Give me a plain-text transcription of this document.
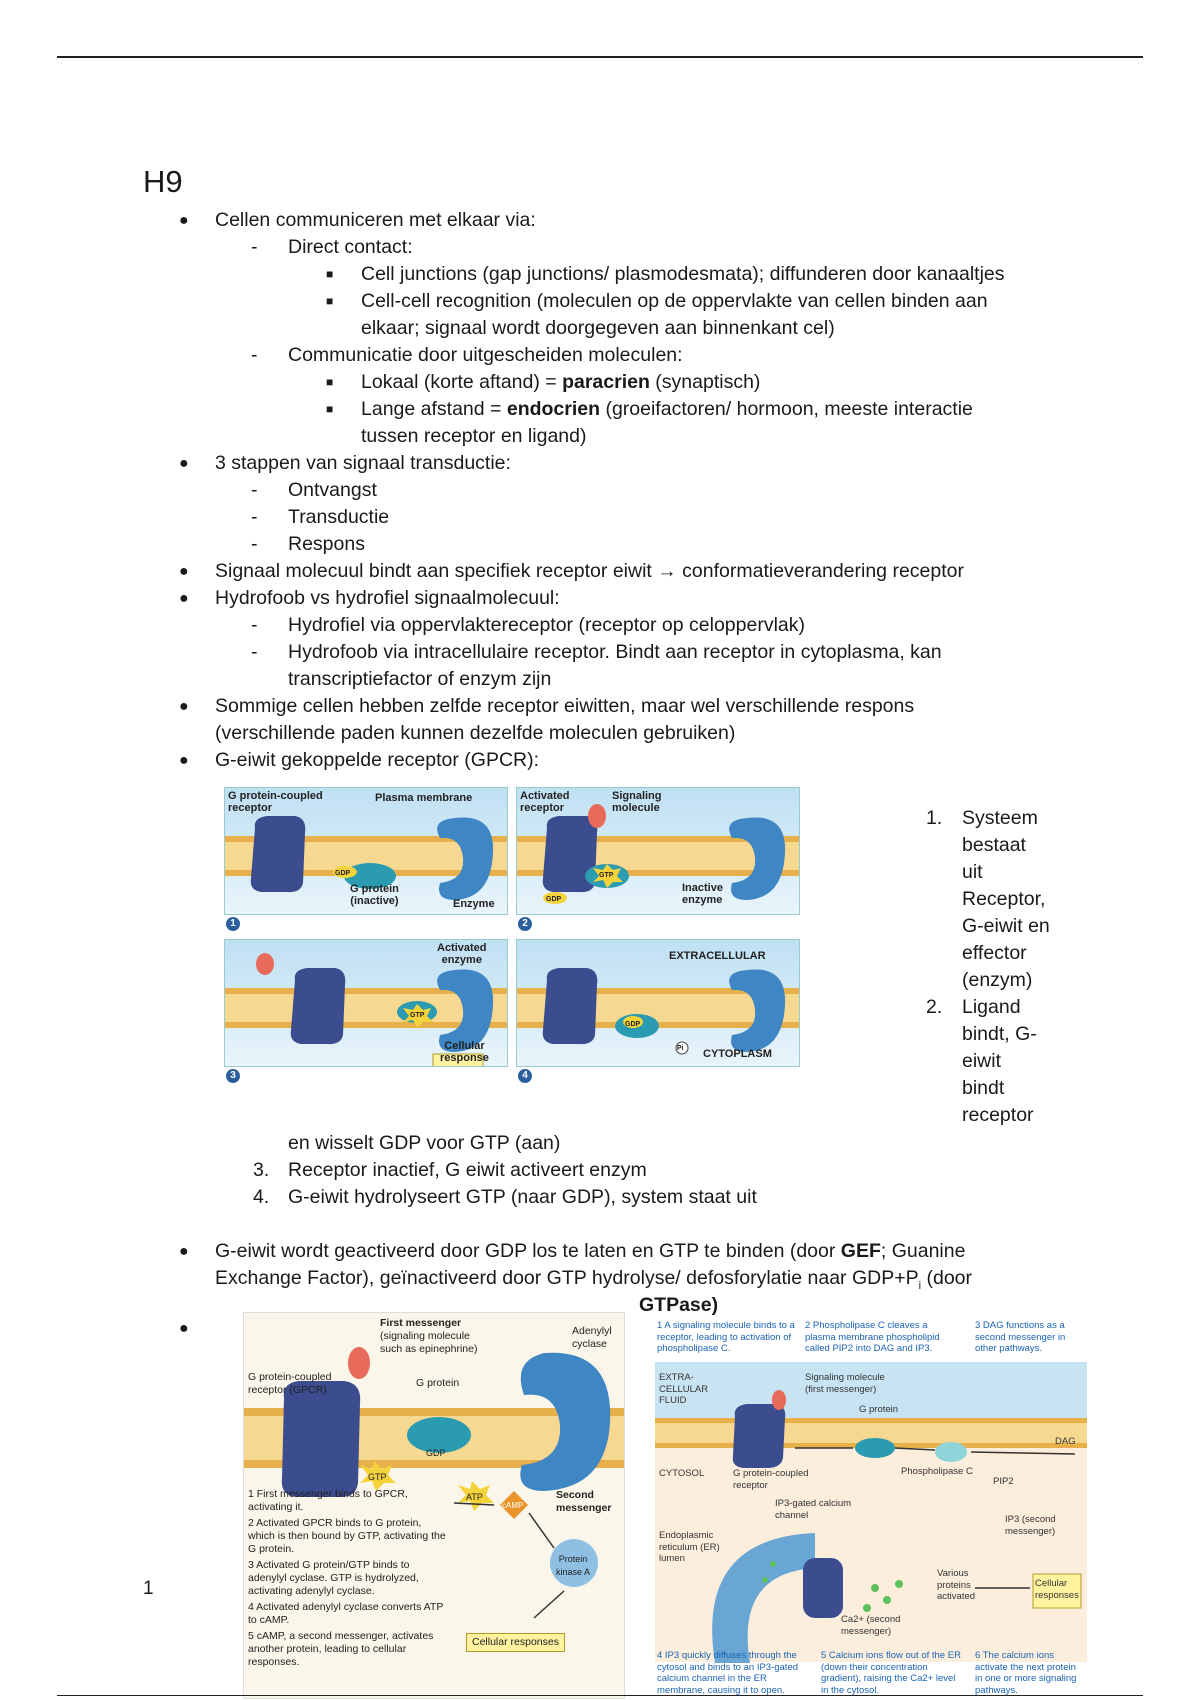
H9
● Cellen communiceren met elkaar via:
- Direct contact:
■ Cell junctions (gap junctions/ plasmodesmata); diffunderen door kanaaltjes
■ Cell-cell recognition (moleculen op de oppervlakte van cellen binden aan
elkaar; signaal wordt doorgegeven aan binnenkant cel)
- Communicatie door uitgescheiden moleculen:
■ Lokaal (korte aftand) = paracrien (synaptisch)
■ Lange afstand = endocrien (groeifactoren/ hormoon, meeste interactie
tussen receptor en ligand)
● 3 stappen van signaal transductie:
- Ontvangst
- Transductie
- Respons
● Signaal molecuul bindt aan specifiek receptor eiwit → conformatieverandering receptor
● Hydrofoob vs hydrofiel signaalmolecuul:
- Hydrofiel via oppervlaktereceptor (receptor op celoppervlak)
- Hydrofoob via intracellulaire receptor. Bindt aan receptor in cytoplasma, kan
transcriptiefactor of enzym zijn
● Sommige cellen hebben zelfde receptor eiwitten, maar wel verschillende respons
(verschillende paden kunnen dezelfde moleculen gebruiken)
● G-eiwit gekoppelde receptor (GPCR):
G protein-coupled
receptor
Plasma membrane
GDP
G protein
(inactive)	Enzyme
1
Activated
receptor
Signaling
molecule
GTP
GDP
Inactive
enzyme
2
Activated
enzyme
GTP
Cellular
response
3
EXTRACELLULAR
GDP
Pi CYTOPLASM
4
1. Systeem
bestaat
uit
Receptor,
G-eiwit en
effector
(enzym)
2. Ligand
bindt, G-
eiwit
bindt
receptor
en wisselt GDP voor GTP (aan)
3. Receptor inactief, G eiwit activeert enzym
4. G-eiwit hydrolyseert GTP (naar GDP), system staat uit
● G-eiwit wordt geactiveerd door GDP los te laten en GTP te binden (door GEF; Guanine
Exchange Factor), geïnactiveerd door GTP hydrolyse/ defosforylatie naar $GDP+P_i$ (door
GTPase)
●	First messenger
(signaling molecule
such as epinephrine)
G protein-coupled
receptor (GPCR)
G protein
Adenylyl
cyclase
GDP
GTP
ATP
cAMP
Second
messenger
Protein
kinase A
1 First messenger binds to GPCR, activating it.
2 Activated GPCR binds to G protein, which is then bound by GTP, activating the G protein.
3 Activated G protein/GTP binds to adenylyl cyclase. GTP is hydrolyzed, activating adenylyl cyclase.
4 Activated adenylyl cyclase converts ATP to cAMP.
5 cAMP, a second messenger, activates another protein, leading to cellular responses.
Cellular responses
1 A signaling molecule binds to a receptor, leading to activation of phospholipase C.
2 Phospholipase C cleaves a plasma membrane phospholipid called PIP2 into DAG and IP3.
3 DAG functions as a second messenger in other pathways.
EXTRA-CELLULAR FLUID
Signaling molecule (first messenger)
G protein
CYTOSOL	G protein-coupled receptor
Phospholipase C
DAG
PIP2
IP3 (second messenger)
IP3-gated calcium channel
Endoplasmic reticulum (ER) lumen
Ca2+ (second messenger)
Various proteins activated
Cellular responses
4 IP3 quickly diffuses through the cytosol and binds to an IP3-gated calcium channel in the ER membrane, causing it to open.
5 Calcium ions flow out of the ER (down their concentration gradient), raising the Ca2+ level in the cytosol.
6 The calcium ions activate the next protein in one or more signaling pathways.
1
